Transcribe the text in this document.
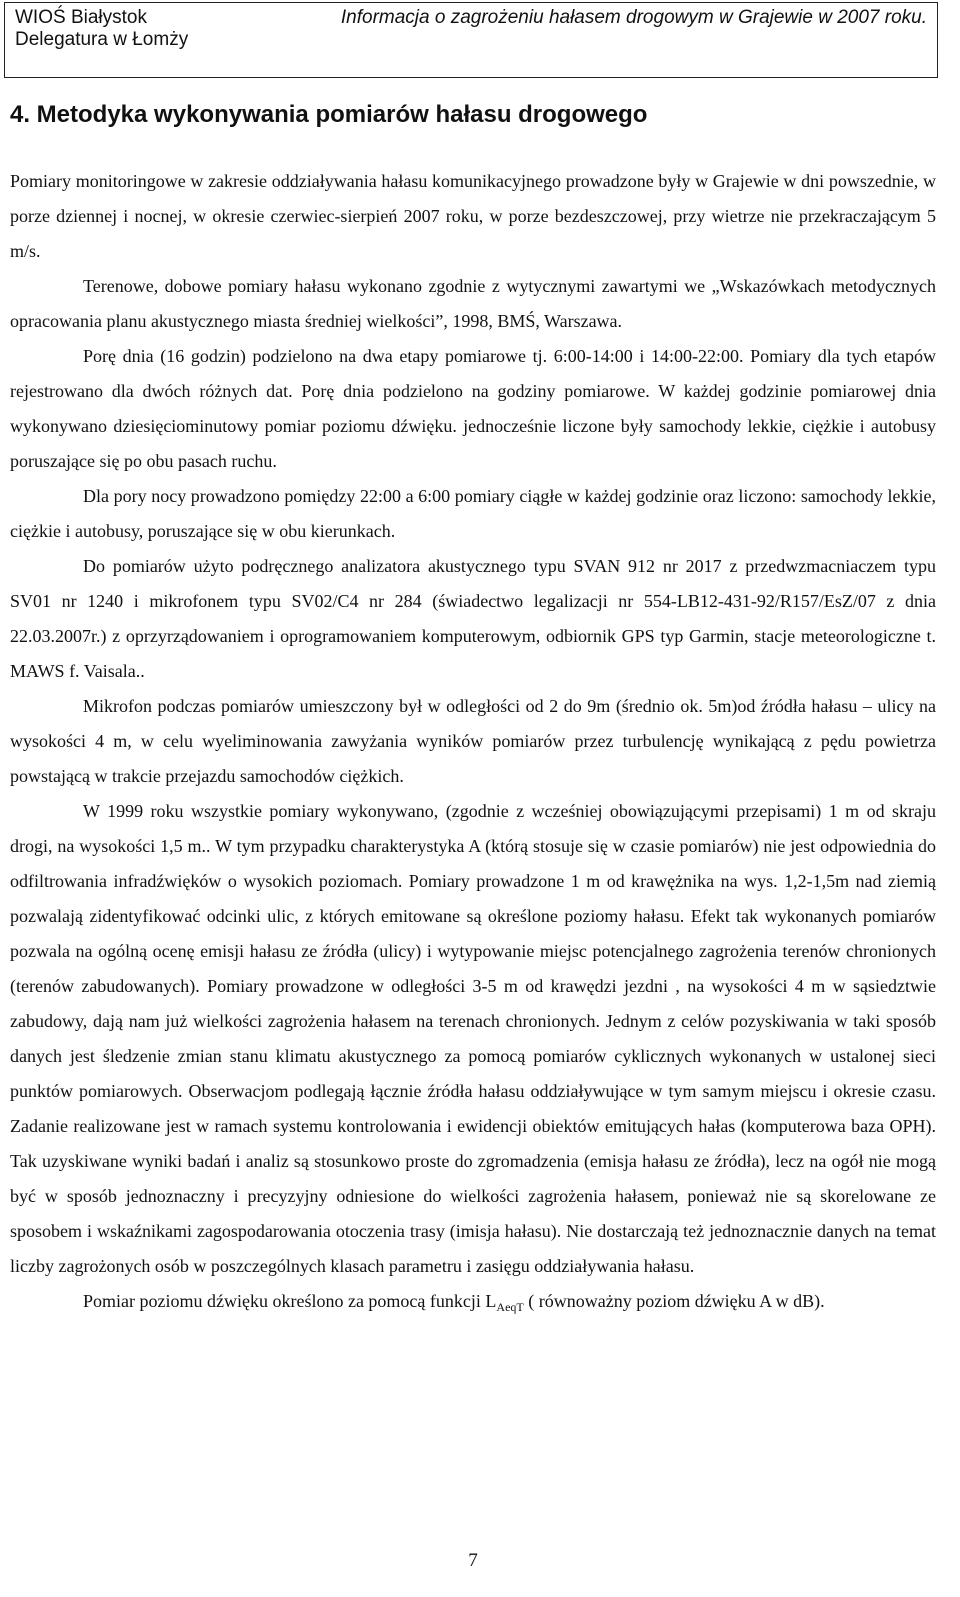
WIOŚ Białystok
Delegatura w Łomży
Informacja o zagrożeniu hałasem drogowym w Grajewie w 2007 roku.
4. Metodyka wykonywania pomiarów hałasu drogowego

Pomiary monitoringowe w zakresie oddziaływania hałasu komunikacyjnego prowadzone były w Grajewie w dni powszednie, w porze dziennej i nocnej, w okresie czerwiec-sierpień 2007 roku, w porze bezdeszczowej, przy wietrze nie przekraczającym 5 m/s.

Terenowe, dobowe pomiary hałasu wykonano zgodnie z wytycznymi zawartymi we „Wskazówkach metodycznych opracowania planu akustycznego miasta średniej wielkości”, 1998, BMŚ, Warszawa.

Porę dnia (16 godzin) podzielono na dwa etapy pomiarowe tj. 6:00-14:00 i 14:00-22:00. Pomiary dla tych etapów rejestrowano dla dwóch różnych dat. Porę dnia podzielono na godziny pomiarowe. W każdej godzinie pomiarowej dnia wykonywano dziesięciominutowy pomiar poziomu dźwięku. jednocześnie liczone były samochody lekkie, ciężkie i autobusy poruszające się po obu pasach ruchu.

Dla pory nocy prowadzono pomiędzy 22:00 a 6:00 pomiary ciągłe w każdej godzinie oraz liczono: samochody lekkie, ciężkie i autobusy, poruszające się w obu kierunkach.

Do pomiarów użyto podręcznego analizatora akustycznego typu SVAN 912 nr 2017 z przedwzmacniaczem typu SV01 nr 1240 i mikrofonem typu SV02/C4 nr 284 (świadectwo legalizacji nr 554-LB12-431-92/R157/EsZ/07 z dnia 22.03.2007r.) z oprzyrządowaniem i oprogramowaniem komputerowym, odbiornik GPS typ Garmin, stacje meteorologiczne t. MAWS f. Vaisala..

Mikrofon podczas pomiarów umieszczony był w odległości od 2 do 9m (średnio ok. 5m)od źródła hałasu – ulicy na wysokości 4 m, w celu wyeliminowania zawyżania wyników pomiarów przez turbulencję wynikającą z pędu powietrza powstającą w trakcie przejazdu samochodów ciężkich.

W 1999 roku wszystkie pomiary wykonywano, (zgodnie z wcześniej obowiązującymi przepisami) 1 m od skraju drogi, na wysokości 1,5 m.. W tym przypadku charakterystyka A (którą stosuje się w czasie pomiarów) nie jest odpowiednia do odfiltrowania infradźwięków o wysokich poziomach. Pomiary prowadzone 1 m od krawężnika na wys. 1,2-1,5m nad ziemią pozwalają zidentyfikować odcinki ulic, z których emitowane są określone poziomy hałasu. Efekt tak wykonanych pomiarów pozwala na ogólną ocenę emisji hałasu ze źródła (ulicy) i wytypowanie miejsc potencjalnego zagrożenia terenów chronionych (terenów zabudowanych). Pomiary prowadzone w odległości 3-5 m od krawędzi jezdni , na wysokości 4 m w sąsiedztwie zabudowy, dają nam już wielkości zagrożenia hałasem na terenach chronionych. Jednym z celów pozyskiwania w taki sposób danych jest śledzenie zmian stanu klimatu akustycznego za pomocą pomiarów cyklicznych wykonanych w ustalonej sieci punktów pomiarowych. Obserwacjom podlegają łącznie źródła hałasu oddziaływujące w tym samym miejscu i okresie czasu. Zadanie realizowane jest w ramach systemu kontrolowania i ewidencji obiektów emitujących hałas (komputerowa baza OPH). Tak uzyskiwane wyniki badań i analiz są stosunkowo proste do zgromadzenia (emisja hałasu ze źródła), lecz na ogół nie mogą być w sposób jednoznaczny i precyzyjny odniesione do wielkości zagrożenia hałasem, ponieważ nie są skorelowane ze sposobem i wskaźnikami zagospodarowania otoczenia trasy (imisja hałasu). Nie dostarczają też jednoznacznie danych na temat liczby zagrożonych osób w poszczególnych klasach parametru i zasięgu oddziaływania hałasu.

Pomiar poziomu dźwięku określono za pomocą funkcji $L_{AeqT}$ ( równoważny poziom dźwięku A w dB).

7
